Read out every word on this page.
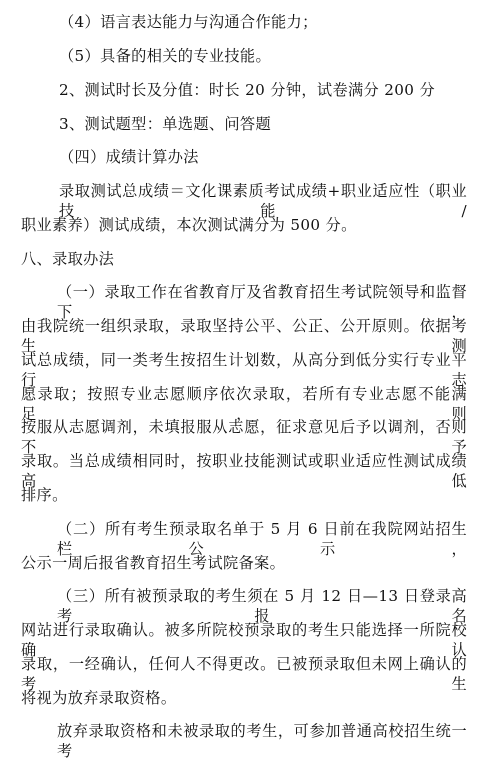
（4）语言表达能力与沟通合作能力；
（5）具备的相关的专业技能。
2、测试时长及分值：时长 20 分钟，试卷满分 200 分
3、测试题型：单选题、问答题
（四）成绩计算办法
录取测试总成绩＝文化课素质考试成绩+职业适应性（职业技能/
职业素养）测试成绩，本次测试满分为 500 分。
八、录取办法
（一）录取工作在省教育厅及省教育招生考试院领导和监督下，
由我院统一组织录取，录取坚持公平、公正、公开原则。依据考生测
试总成绩，同一类考生按招生计划数，从高分到低分实行专业平行志
愿录取；按照专业志愿顺序依次录取，若所有专业志愿不能满足，则
按服从志愿调剂，未填报服从志愿，征求意见后予以调剂，否则不予
录取。当总成绩相同时，按职业技能测试或职业适应性测试成绩高低
排序。
（二）所有考生预录取名单于 5 月 6 日前在我院网站招生栏公示，
公示一周后报省教育招生考试院备案。
（三）所有被预录取的考生须在 5 月 12 日—13 日登录高考报名
网站进行录取确认。被多所院校预录取的考生只能选择一所院校确认
录取，一经确认，任何人不得更改。已被预录取但未网上确认的考生
将视为放弃录取资格。
放弃录取资格和未被录取的考生，可参加普通高校招生统一考
